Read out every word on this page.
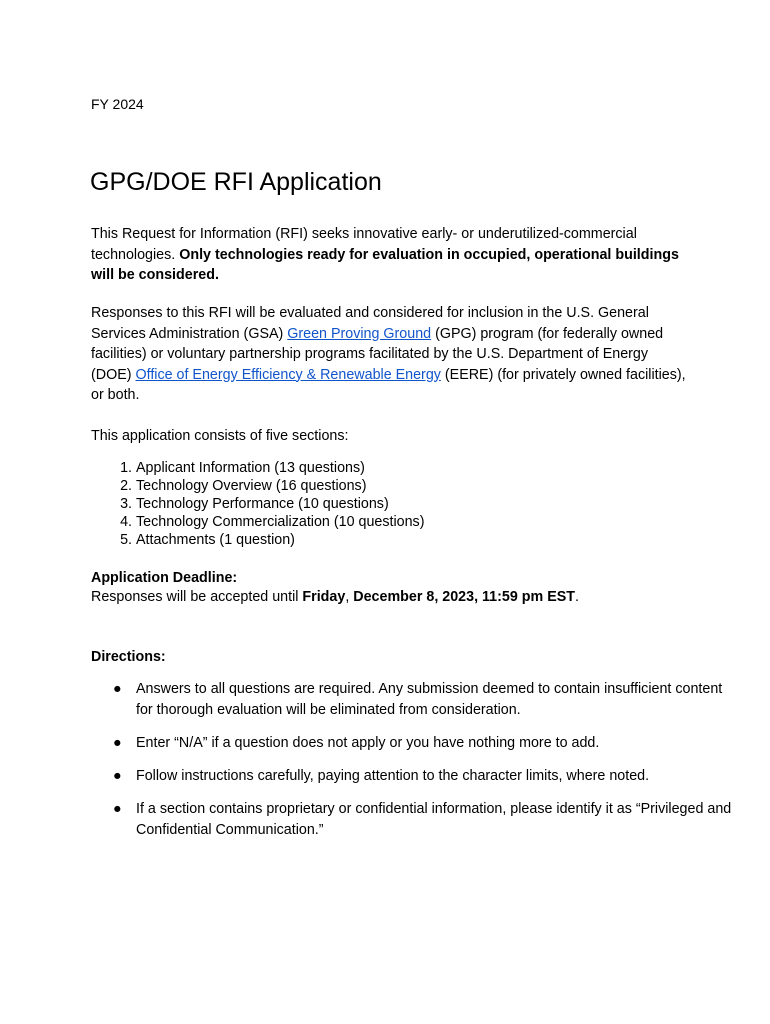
FY 2024
GPG/DOE RFI Application

This Request for Information (RFI) seeks innovative early- or underutilized-commercial technologies. Only technologies ready for evaluation in occupied, operational buildings will be considered.

Responses to this RFI will be evaluated and considered for inclusion in the U.S. General Services Administration (GSA) Green Proving Ground (GPG) program (for federally owned facilities) or voluntary partnership programs facilitated by the U.S. Department of Energy (DOE) Office of Energy Efficiency & Renewable Energy (EERE) (for privately owned facilities), or both.

This application consists of five sections:

1. Applicant Information (13 questions)
2. Technology Overview (16 questions)
3. Technology Performance (10 questions)
4. Technology Commercialization (10 questions)
5. Attachments (1 question)
Application Deadline:
Responses will be accepted until Friday, December 8, 2023, 11:59 pm EST.
Directions:
● Answers to all questions are required. Any submission deemed to contain insufficient content for thorough evaluation will be eliminated from consideration.
● Enter “N/A” if a question does not apply or you have nothing more to add.
● Follow instructions carefully, paying attention to the character limits, where noted.
● If a section contains proprietary or confidential information, please identify it as “Privileged and Confidential Communication.”
